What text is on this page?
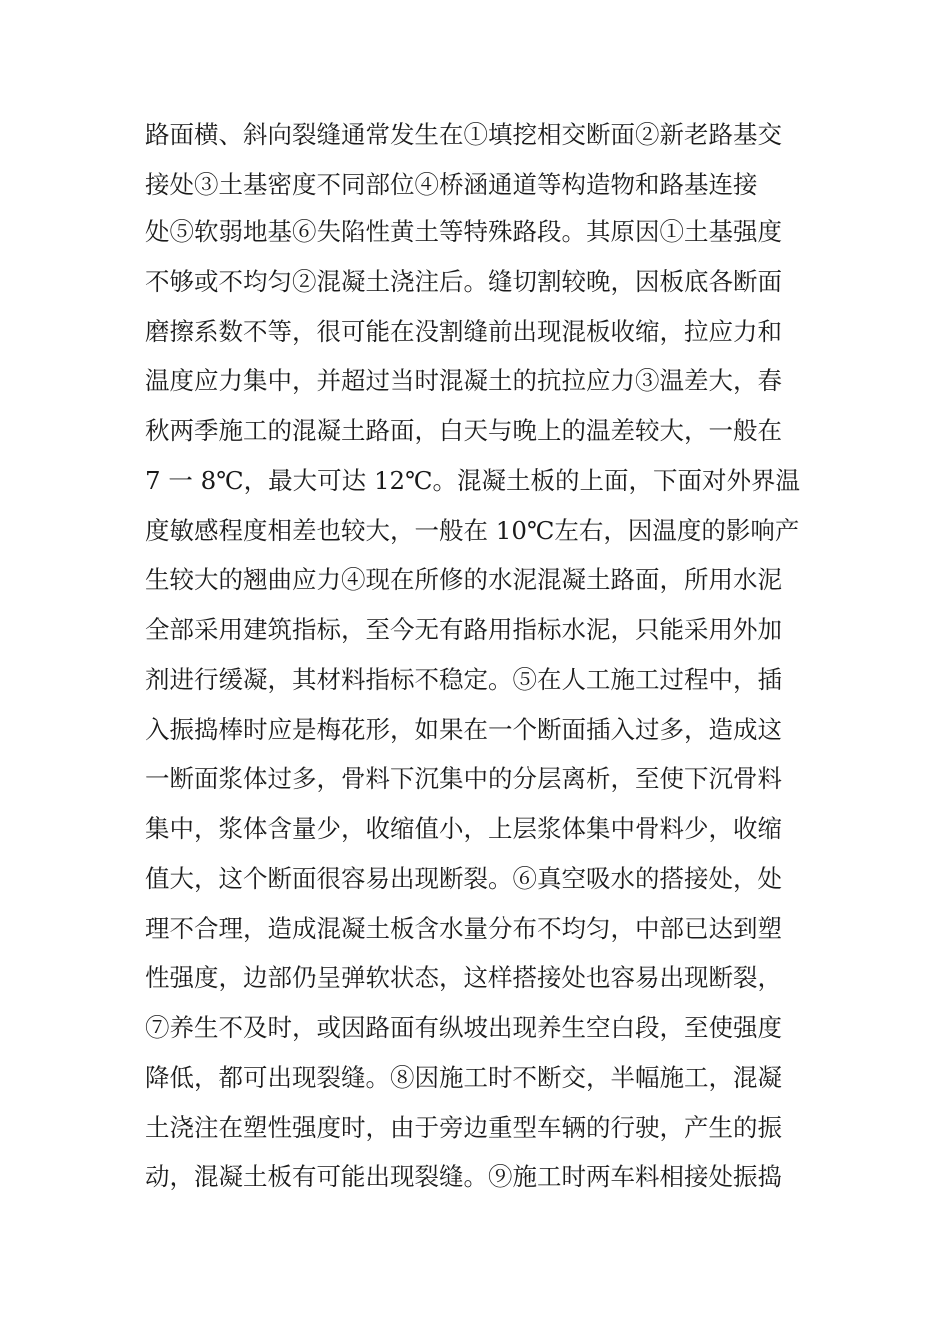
路面横、斜向裂缝通常发生在①填挖相交断面②新老路基交
接处③土基密度不同部位④桥涵通道等构造物和路基连接
处⑤软弱地基⑥失陷性黄土等特殊路段。其原因①土基强度
不够或不均匀②混凝土浇注后。缝切割较晚，因板底各断面
磨擦系数不等，很可能在没割缝前出现混板收缩，拉应力和
温度应力集中，并超过当时混凝土的抗拉应力③温差大，春
秋两季施工的混凝土路面，白天与晚上的温差较大，一般在
7 一 8℃，最大可达 12℃。混凝土板的上面，下面对外界温
度敏感程度相差也较大，一般在 10℃左右，因温度的影响产
生较大的翘曲应力④现在所修的水泥混凝土路面，所用水泥
全部采用建筑指标，至今无有路用指标水泥，只能采用外加
剂进行缓凝，其材料指标不稳定。⑤在人工施工过程中，插
入振捣棒时应是梅花形，如果在一个断面插入过多，造成这
一断面浆体过多，骨料下沉集中的分层离析，至使下沉骨料
集中，浆体含量少，收缩值小，上层浆体集中骨料少，收缩
值大，这个断面很容易出现断裂。⑥真空吸水的搭接处，处
理不合理，造成混凝土板含水量分布不均匀，中部已达到塑
性强度，边部仍呈弹软状态，这样搭接处也容易出现断裂，
⑦养生不及时，或因路面有纵坡出现养生空白段，至使强度
降低，都可出现裂缝。⑧因施工时不断交，半幅施工，混凝
土浇注在塑性强度时，由于旁边重型车辆的行驶，产生的振
动，混凝土板有可能出现裂缝。⑨施工时两车料相接处振捣
